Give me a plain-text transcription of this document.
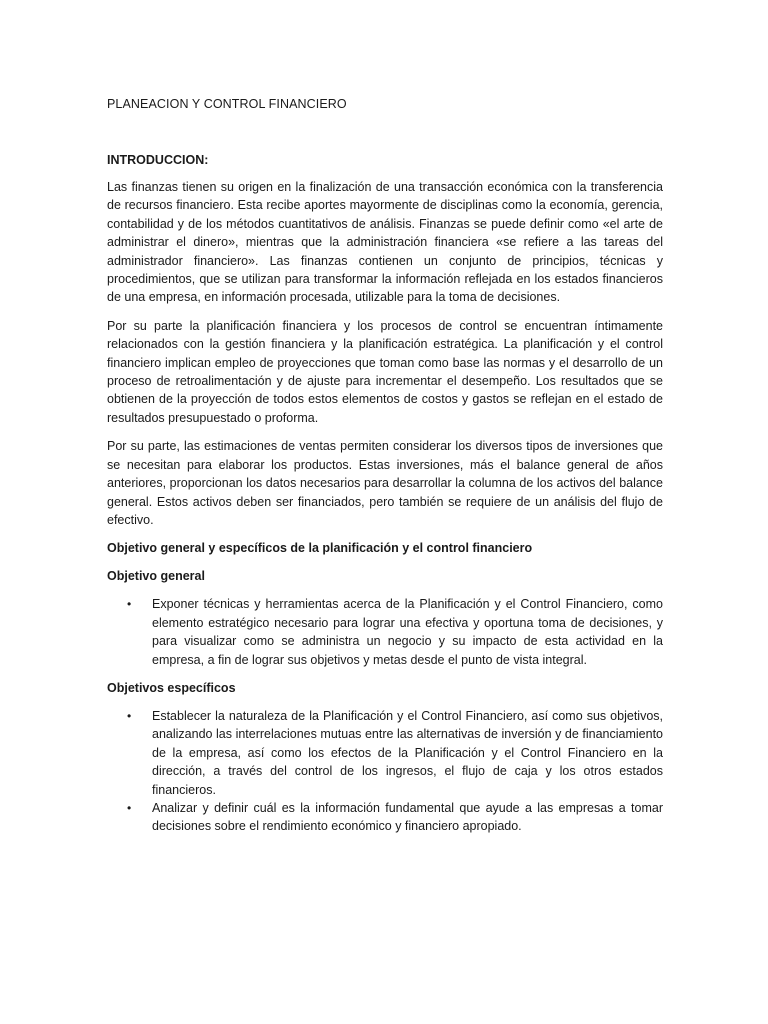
PLANEACION Y CONTROL FINANCIERO
INTRODUCCION:

Las finanzas tienen su origen en la finalización de una transacción económica con la transferencia de recursos financiero. Esta recibe aportes mayormente de disciplinas como la economía, gerencia, contabilidad y de los métodos cuantitativos de análisis. Finanzas se puede definir como «el arte de administrar el dinero», mientras que la administración financiera «se refiere a las tareas del administrador financiero». Las finanzas contienen un conjunto de principios, técnicas y procedimientos, que se utilizan para transformar la información reflejada en los estados financieros de una empresa, en información procesada, utilizable para la toma de decisiones.

Por su parte la planificación financiera y los procesos de control se encuentran íntimamente relacionados con la gestión financiera y la planificación estratégica. La planificación y el control financiero implican empleo de proyecciones que toman como base las normas y el desarrollo de un proceso de retroalimentación y de ajuste para incrementar el desempeño. Los resultados que se obtienen de la proyección de todos estos elementos de costos y gastos se reflejan en el estado de resultados presupuestado o proforma.

Por su parte, las estimaciones de ventas permiten considerar los diversos tipos de inversiones que se necesitan para elaborar los productos. Estas inversiones, más el balance general de años anteriores, proporcionan los datos necesarios para desarrollar la columna de los activos del balance general. Estos activos deben ser financiados, pero también se requiere de un análisis del flujo de efectivo.

Objetivo general y específicos de la planificación y el control financiero
Objetivo general
• Exponer técnicas y herramientas acerca de la Planificación y el Control Financiero, como elemento estratégico necesario para lograr una efectiva y oportuna toma de decisiones, y para visualizar como se administra un negocio y su impacto de esta actividad en la empresa, a fin de lograr sus objetivos y metas desde el punto de vista integral.
Objetivos específicos
• Establecer la naturaleza de la Planificación y el Control Financiero, así como sus objetivos, analizando las interrelaciones mutuas entre las alternativas de inversión y de financiamiento de la empresa, así como los efectos de la Planificación y el Control Financiero en la dirección, a través del control de los ingresos, el flujo de caja y los otros estados financieros.
• Analizar y definir cuál es la información fundamental que ayude a las empresas a tomar decisiones sobre el rendimiento económico y financiero apropiado.
